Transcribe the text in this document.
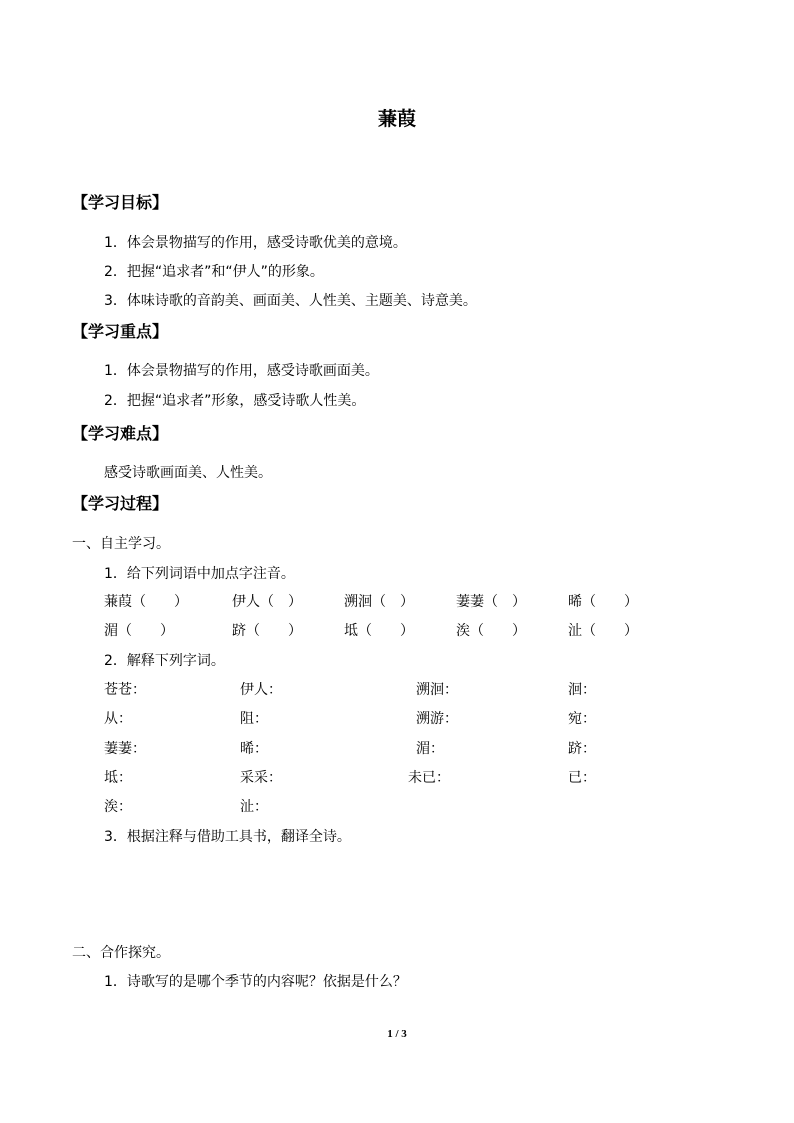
蒹葭
【学习目标】
1．体会景物描写的作用，感受诗歌优美的意境。
2．把握“追求者”和“伊人”的形象。
3．体味诗歌的音韵美、画面美、人性美、主题美、诗意美。
【学习重点】
1．体会景物描写的作用，感受诗歌画面美。
2．把握“追求者”形象，感受诗歌人性美。
【学习难点】
感受诗歌画面美、人性美。
【学习过程】
一、自主学习。
1．给下列词语中加点字注音。
蒹葭（　　）	伊人（　）	溯洄（　）	萋萋（　）	晞（　　）
湄（　　）	跻（　　）	坻（　　）	涘（　　）	沚（　　）
2．解释下列字词。
苍苍：	伊人：	溯洄：	洄：
从：	阻：	溯游：	宛：
萋萋：	晞：	湄：	跻：
坻：	采采：	未已：	已：
涘：	沚：
3．根据注释与借助工具书，翻译全诗。
二、合作探究。
1．诗歌写的是哪个季节的内容呢？依据是什么？
1 / 3
